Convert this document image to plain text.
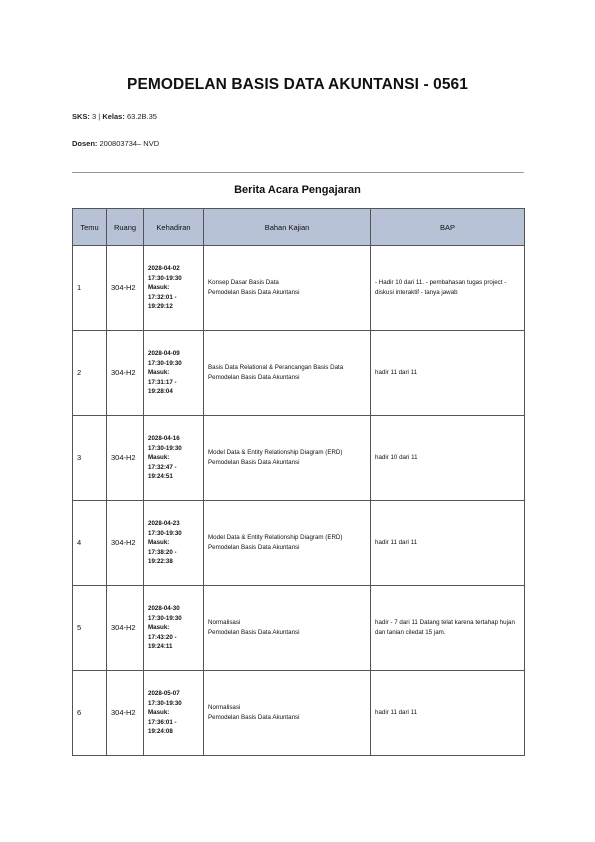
PEMODELAN BASIS DATA AKUNTANSI - 0561
SKS: 3 | Kelas: 63.2B.35
Dosen: 200803734– NVD
Berita Acara Pengajaran
Temu	Ruang	Kehadiran	Bahan Kajian	BAP
1	304-H2	2028-04-02
17:30-19:30
Masuk:
17:32:01 -
19:29:12	Konsep Dasar Basis Data
Pemodelan Basis Data Akuntansi	- Hadir 10 dari 11. - pembahasan tugas project - diskusi interaktif - tanya jawab
2	304-H2	2028-04-09
17:30-19:30
Masuk:
17:31:17 -
19:28:04	Basis Data Relational & Perancangan Basis Data
Pemodelan Basis Data Akuntansi	hadir 11 dari 11
3	304-H2	2028-04-16
17:30-19:30
Masuk:
17:32:47 -
19:24:51	Model Data & Entity Relationship Diagram (ERD)
Pemodelan Basis Data Akuntansi	hadir 10 dari 11
4	304-H2	2028-04-23
17:30-19:30
Masuk:
17:38:20 -
19:22:38	Model Data & Entity Relationship Diagram (ERD)
Pemodelan Basis Data Akuntansi	hadir 11 dari 11
5	304-H2	2028-04-30
17:30-19:30
Masuk:
17:43:20 -
19:24:11	Normalisasi
Pemodelan Basis Data Akuntansi	hadir - 7 dari 11 Datang telat karena tertahap hujan dan tanian ciledat 15 jam.
6	304-H2	2028-05-07
17:30-19:30
Masuk:
17:36:01 -
19:24:08	Normalisasi
Pemodelan Basis Data Akuntansi	hadir 11 dari 11
